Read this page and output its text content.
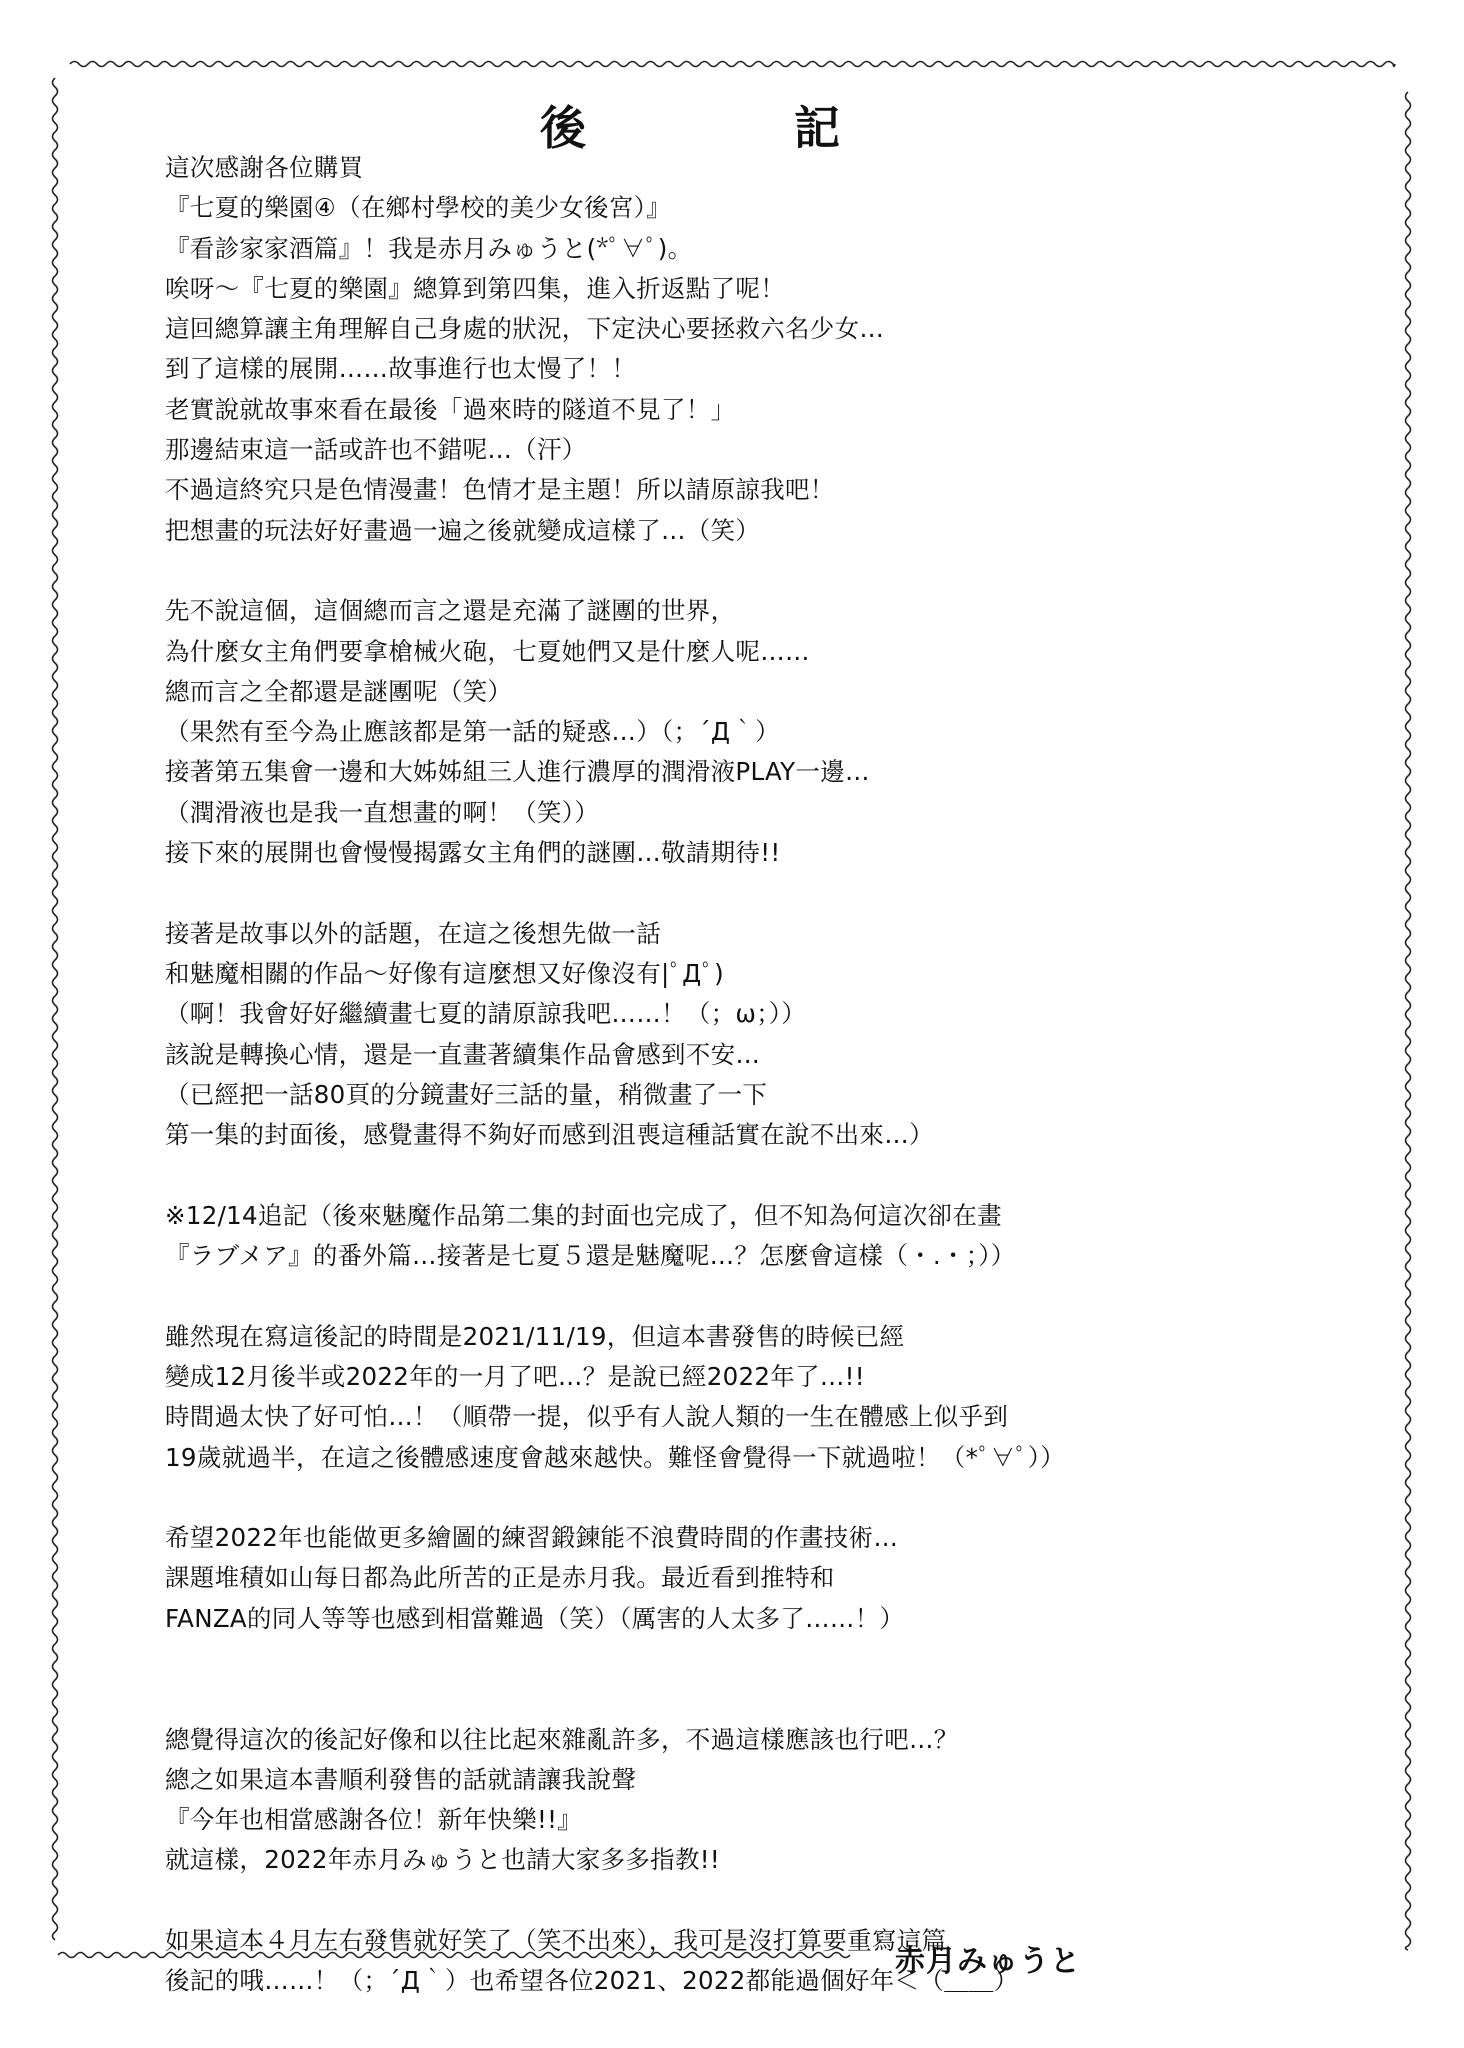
後	記
這次感謝各位購買
『七夏的樂園④（在鄉村學校的美少女後宮）』
『看診家家酒篇』！我是赤月みゅうと(*ﾟ∀ﾟ)。
唉呀～『七夏的樂園』總算到第四集，進入折返點了呢！
這回總算讓主角理解自己身處的狀況，下定決心要拯救六名少女…
到了這樣的展開……故事進行也太慢了！！
老實說就故事來看在最後「過來時的隧道不見了！」
那邊結束這一話或許也不錯呢…（汗）
不過這終究只是色情漫畫！色情才是主題！所以請原諒我吧！
把想畫的玩法好好畫過一遍之後就變成這樣了…（笑）
先不說這個，這個總而言之還是充滿了謎團的世界，
為什麼女主角們要拿槍械火砲，七夏她們又是什麼人呢……
總而言之全都還是謎團呢（笑）
（果然有至今為止應該都是第一話的疑惑…）（；´Д｀）
接著第五集會一邊和大姊姊組三人進行濃厚的潤滑液PLAY一邊…
（潤滑液也是我一直想畫的啊！（笑））
接下來的展開也會慢慢揭露女主角們的謎團…敬請期待!!
接著是故事以外的話題，在這之後想先做一話
和魅魔相關的作品～好像有這麼想又好像沒有|ﾟДﾟ)
（啊！我會好好繼續畫七夏的請原諒我吧……！（；ω；））
該說是轉換心情，還是一直畫著續集作品會感到不安…
（已經把一話80頁的分鏡畫好三話的量，稍微畫了一下
第一集的封面後，感覺畫得不夠好而感到沮喪這種話實在說不出來…）
※12/14追記（後來魅魔作品第二集的封面也完成了，但不知為何這次卻在畫
『ラブメア』的番外篇…接著是七夏５還是魅魔呢…？怎麼會這樣（・.・；））
雖然現在寫這後記的時間是2021/11/19，但這本書發售的時候已經
變成12月後半或2022年的一月了吧…？是說已經2022年了…!!
時間過太快了好可怕…！（順帶一提，似乎有人說人類的一生在體感上似乎到
19歲就過半，在這之後體感速度會越來越快。難怪會覺得一下就過啦！（*ﾟ∀ﾟ））
希望2022年也能做更多繪圖的練習鍛鍊能不浪費時間的作畫技術…
課題堆積如山每日都為此所苦的正是赤月我。最近看到推特和
FANZA的同人等等也感到相當難過（笑）（厲害的人太多了……！）
總覺得這次的後記好像和以往比起來雜亂許多，不過這樣應該也行吧…？
總之如果這本書順利發售的話就請讓我說聲
『今年也相當感謝各位！新年快樂!!』
就這樣，2022年赤月みゅうと也請大家多多指教!!
如果這本４月左右發售就好笑了（笑不出來），我可是沒打算要重寫這篇
後記的哦……！（；´Д｀）也希望各位2021、2022都能過個好年＜（＿＿）
赤月みゅうと
